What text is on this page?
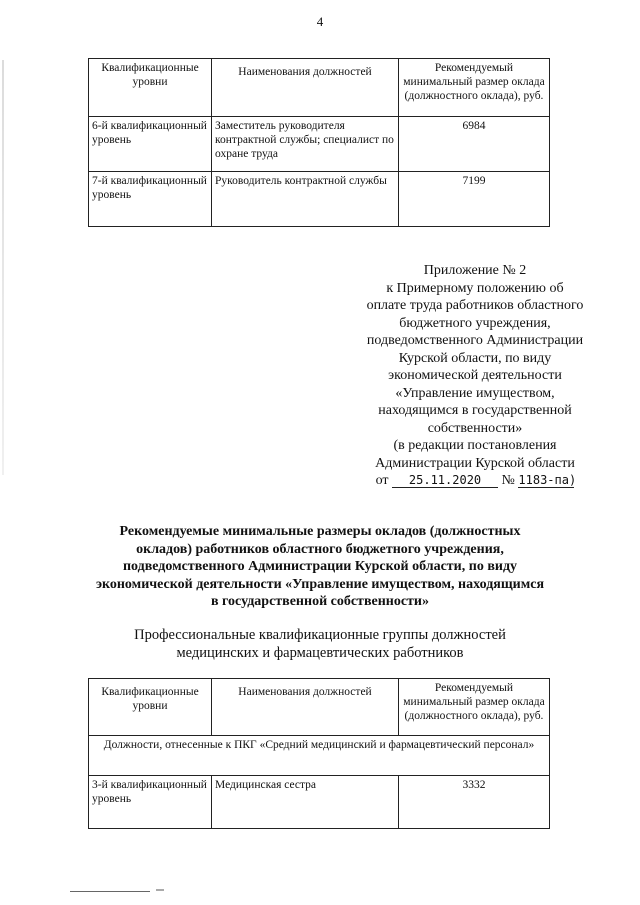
4
Квалификационные уровни	Наименования должностей	Рекомендуемый минимальный размер оклада (должностного оклада), руб.
6-й квалификационный уровень	Заместитель руководителя контрактной службы; специалист по охране труда	6984
7-й квалификационный уровень	Руководитель контрактной службы	7199
Приложение № 2
к Примерному положению об
оплате труда работников областного
бюджетного учреждения,
подведомственного Администрации
Курской области, по виду
экономической деятельности
«Управление имуществом,
находящимся в государственной
собственности»
(в редакции постановления
Администрации Курской области
от 25.11.2020 № 1183-па)
Рекомендуемые минимальные размеры окладов (должностных
окладов) работников областного бюджетного учреждения,
подведомственного Администрации Курской области, по виду
экономической деятельности «Управление имуществом, находящимся
в государственной собственности»
Профессиональные квалификационные группы должностей
медицинских и фармацевтических работников
Квалификационные уровни	Наименования должностей	Рекомендуемый минимальный размер оклада (должностного оклада), руб.
Должности, отнесенные к ПКГ «Средний медицинский и фармацевтический персонал»		
3-й квалификационный уровень	Медицинская сестра	3332
